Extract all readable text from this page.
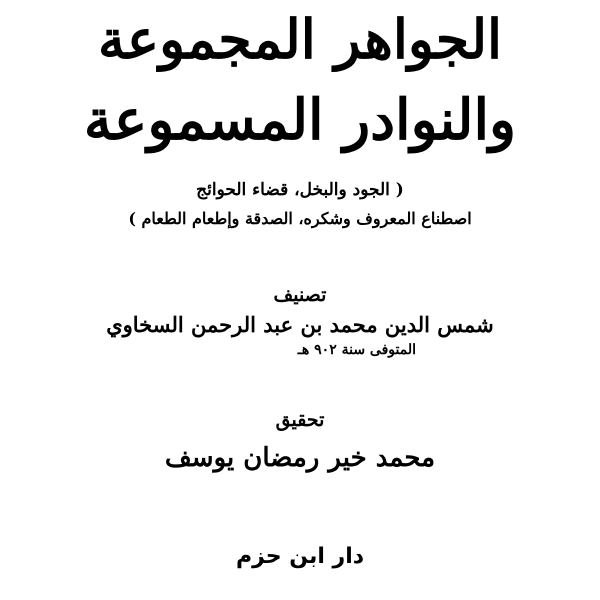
الجواهر المجموعة
والنوادر المسموعة
( الجود والبخل، قضاء الحوائج
اصطناع المعروف وشكره، الصدقة وإطعام الطعام )
تصنيف
شمس الدين محمد بن عبد الرحمن السخاوي
المتوفى سنة ٩٠٢ هـ
تحقيق
محمد خير رمضان يوسف
دار ابن حزم
